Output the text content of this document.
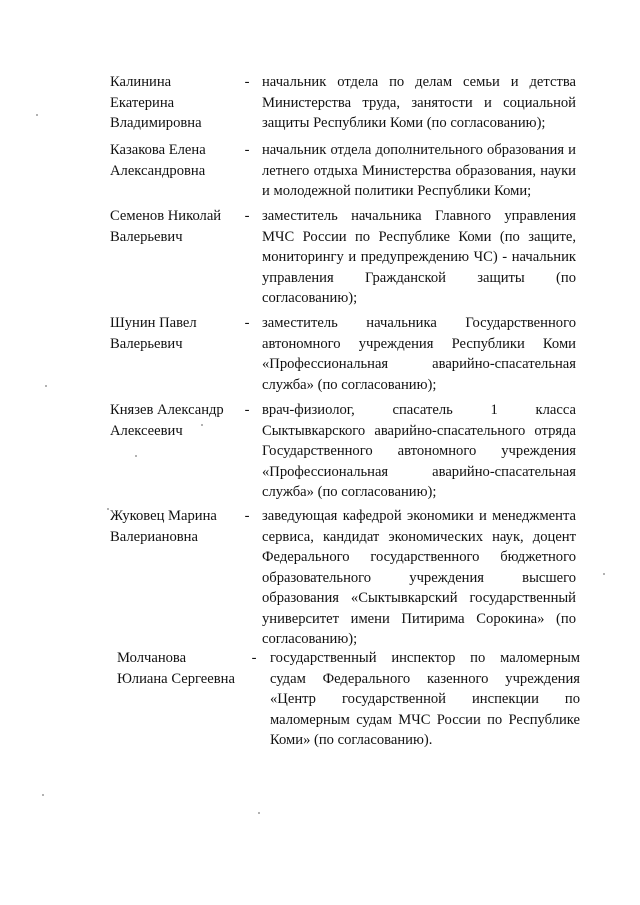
Калинина Екатерина Владимировна
- начальник отдела по делам семьи и детства Министерства труда, занятости и социальной защиты Республики Коми (по согласованию);
Казакова Елена Александровна
- начальник отдела дополнительного образования и летнего отдыха Министерства образования, науки и молодежной политики Республики Коми;
Семенов Николай Валерьевич
- заместитель начальника Главного управления МЧС России по Республике Коми (по защите, мониторингу и предупреждению ЧС) - начальник управления Гражданской защиты (по согласованию);
Шунин Павел Валерьевич
- заместитель начальника Государственного автономного учреждения Республики Коми «Профессиональная аварийно-спасательная служба» (по согласованию);
Князев Александр Алексеевич
- врач-физиолог, спасатель 1 класса Сыктывкарского аварийно-спасательного отряда Государственного автономного учреждения «Профессиональная аварийно-спасательная служба» (по согласованию);
Жуковец Марина Валериановна
- заведующая кафедрой экономики и менеджмента сервиса, кандидат экономических наук, доцент Федерального государственного бюджетного образовательного учреждения высшего образования «Сыктывкарский государственный университет имени Питирима Сорокина» (по согласованию);
Молчанова Юлиана Сергеевна
- государственный инспектор по маломерным судам Федерального казенного учреждения «Центр государственной инспекции по маломерным судам МЧС России по Республике Коми» (по согласованию).
